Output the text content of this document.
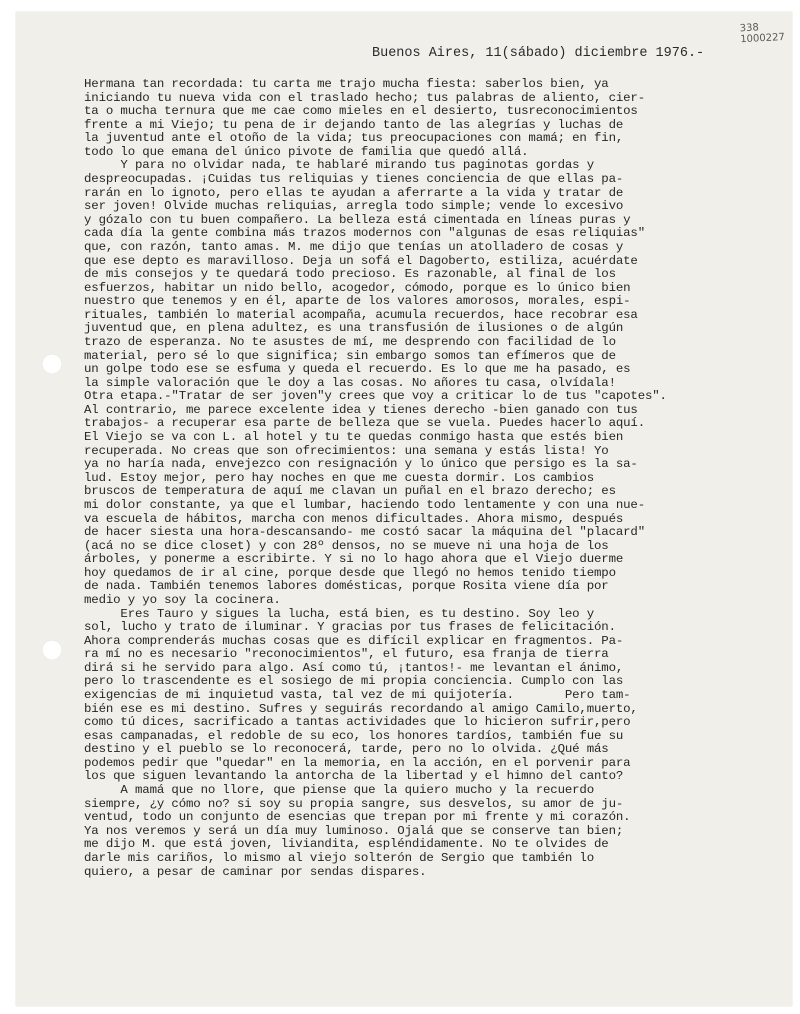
338
1000227
Buenos Aires, 11(sábado) diciembre 1976.-
Hermana tan recordada: tu carta me trajo mucha fiesta: saberlos bien, ya
iniciando tu nueva vida con el traslado hecho; tus palabras de aliento, cier-
ta o mucha ternura que me cae como mieles en el desierto, tusreconocimientos
frente a mi Viejo; tu pena de ir dejando tanto de las alegrías y luchas de
la juventud ante el otoño de la vida; tus preocupaciones con mamá; en fin,
todo lo que emana del único pivote de familia que quedó allá.
Y para no olvidar nada, te hablaré mirando tus paginotas gordas y
despreocupadas. ¡Cuidas tus reliquias y tienes conciencia de que ellas pa-
rarán en lo ignoto, pero ellas te ayudan a aferrarte a la vida y tratar de
ser joven! Olvide muchas reliquias, arregla todo simple; vende lo excesivo
y gózalo con tu buen compañero. La belleza está cimentada en líneas puras y
cada día la gente combina más trazos modernos con "algunas de esas reliquias"
que, con razón, tanto amas. M. me dijo que tenías un atolladero de cosas y
que ese depto es maravilloso. Deja un sofá el Dagoberto, estiliza, acuérdate
de mis consejos y te quedará todo precioso. Es razonable, al final de los
esfuerzos, habitar un nido bello, acogedor, cómodo, porque es lo único bien
nuestro que tenemos y en él, aparte de los valores amorosos, morales, espi-
rituales, también lo material acompaña, acumula recuerdos, hace recobrar esa
juventud que, en plena adultez, es una transfusión de ilusiones o de algún
trazo de esperanza. No te asustes de mí, me desprendo con facilidad de lo
material, pero sé lo que significa; sin embargo somos tan efímeros que de
un golpe todo ese se esfuma y queda el recuerdo. Es lo que me ha pasado, es
la simple valoración que le doy a las cosas. No añores tu casa, olvídala!
Otra etapa.-"Tratar de ser joven"y crees que voy a criticar lo de tus "capotes".
Al contrario, me parece excelente idea y tienes derecho -bien ganado con tus
trabajos- a recuperar esa parte de belleza que se vuela. Puedes hacerlo aquí.
El Viejo se va con L. al hotel y tu te quedas conmigo hasta que estés bien
recuperada. No creas que son ofrecimientos: una semana y estás lista! Yo
ya no haría nada, envejezco con resignación y lo único que persigo es la sa-
lud. Estoy mejor, pero hay noches en que me cuesta dormir. Los cambios
bruscos de temperatura de aquí me clavan un puñal en el brazo derecho; es
mi dolor constante, ya que el lumbar, haciendo todo lentamente y con una nue-
va escuela de hábitos, marcha con menos dificultades. Ahora mismo, después
de hacer siesta una hora-descansando- me costó sacar la máquina del "placard"
(acá no se dice closet) y con 28º densos, no se mueve ni una hoja de los
árboles, y ponerme a escribirte. Y si no lo hago ahora que el Viejo duerme
hoy quedamos de ir al cine, porque desde que llegó no hemos tenido tiempo
de nada. También tenemos labores domésticas, porque Rosita viene día por
medio y yo soy la cocinera.
Eres Tauro y sigues la lucha, está bien, es tu destino. Soy leo y
sol, lucho y trato de iluminar. Y gracias por tus frases de felicitación.
Ahora comprenderás muchas cosas que es difícil explicar en fragmentos. Pa-
ra mí no es necesario "reconocimientos", el futuro, esa franja de tierra
dirá si he servido para algo. Así como tú, ¡tantos!- me levantan el ánimo,
pero lo trascendente es el sosiego de mi propia conciencia. Cumplo con las
exigencias de mi inquietud vasta, tal vez de mi quijotería.       Pero tam-
bién ese es mi destino. Sufres y seguirás recordando al amigo Camilo,muerto,
como tú dices, sacrificado a tantas actividades que lo hicieron sufrir,pero
esas campanadas, el redoble de su eco, los honores tardíos, también fue su
destino y el pueblo se lo reconocerá, tarde, pero no lo olvida. ¿Qué más
podemos pedir que "quedar" en la memoria, en la acción, en el porvenir para
los que siguen levantando la antorcha de la libertad y el himno del canto?
A mamá que no llore, que piense que la quiero mucho y la recuerdo
siempre, ¿y cómo no? si soy su propia sangre, sus desvelos, su amor de ju-
ventud, todo un conjunto de esencias que trepan por mi frente y mi corazón.
Ya nos veremos y será un día muy luminoso. Ojalá que se conserve tan bien;
me dijo M. que está joven, liviandita, espléndidamente. No te olvides de
darle mis cariños, lo mismo al viejo solterón de Sergio que también lo
quiero, a pesar de caminar por sendas dispares.
